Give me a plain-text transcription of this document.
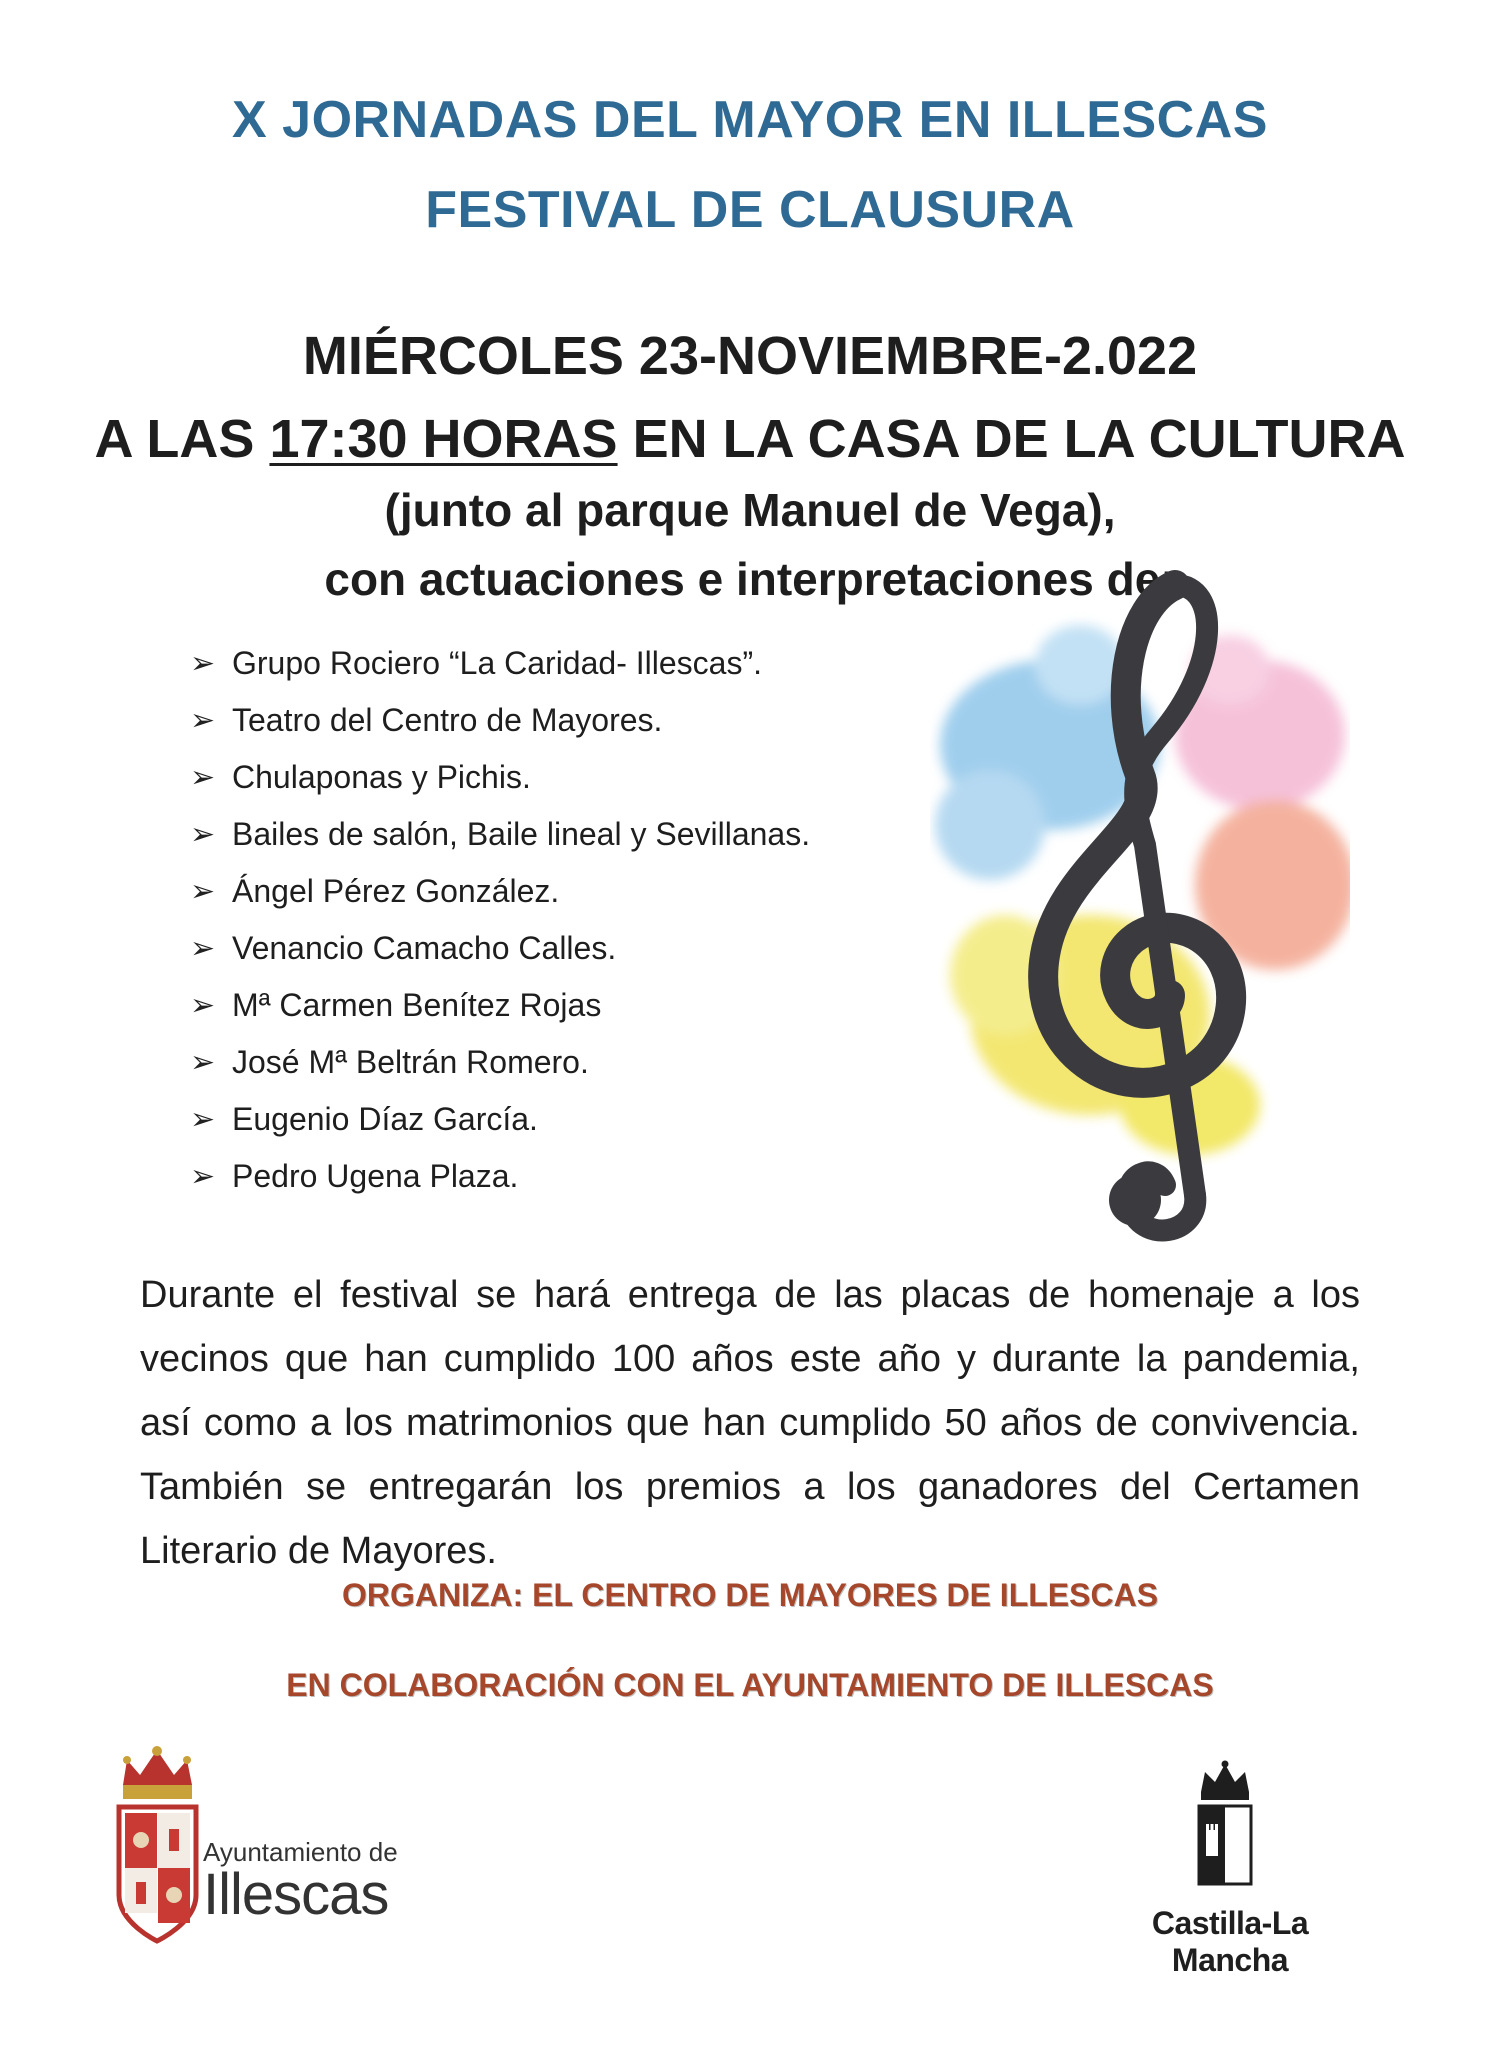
X JORNADAS DEL MAYOR EN ILLESCAS
FESTIVAL DE CLAUSURA
MIÉRCOLES 23-NOVIEMBRE-2.022
A LAS 17:30 HORAS EN LA CASA DE LA CULTURA
(junto al parque Manuel de Vega),
con actuaciones e interpretaciones de:
➢ Grupo Rociero “La Caridad- Illescas”.
➢ Teatro del Centro de Mayores.
➢ Chulaponas y Pichis.
➢ Bailes de salón, Baile lineal y Sevillanas.
➢ Ángel Pérez González.
➢ Venancio Camacho Calles.
➢ Mª Carmen Benítez Rojas
➢ José Mª Beltrán Romero.
➢ Eugenio Díaz García.
➢ Pedro Ugena Plaza.

Durante el festival se hará entrega de las placas de homenaje a los vecinos que han cumplido 100 años este año y durante la pandemia, así como a los matrimonios que han cumplido 50 años de convivencia. También se entregarán los premios a los ganadores del Certamen Literario de Mayores.

ORGANIZA: EL CENTRO DE MAYORES DE ILLESCAS
EN COLABORACIÓN CON EL AYUNTAMIENTO DE ILLESCAS
Ayuntamiento de
Illescas	Castilla-La Mancha
